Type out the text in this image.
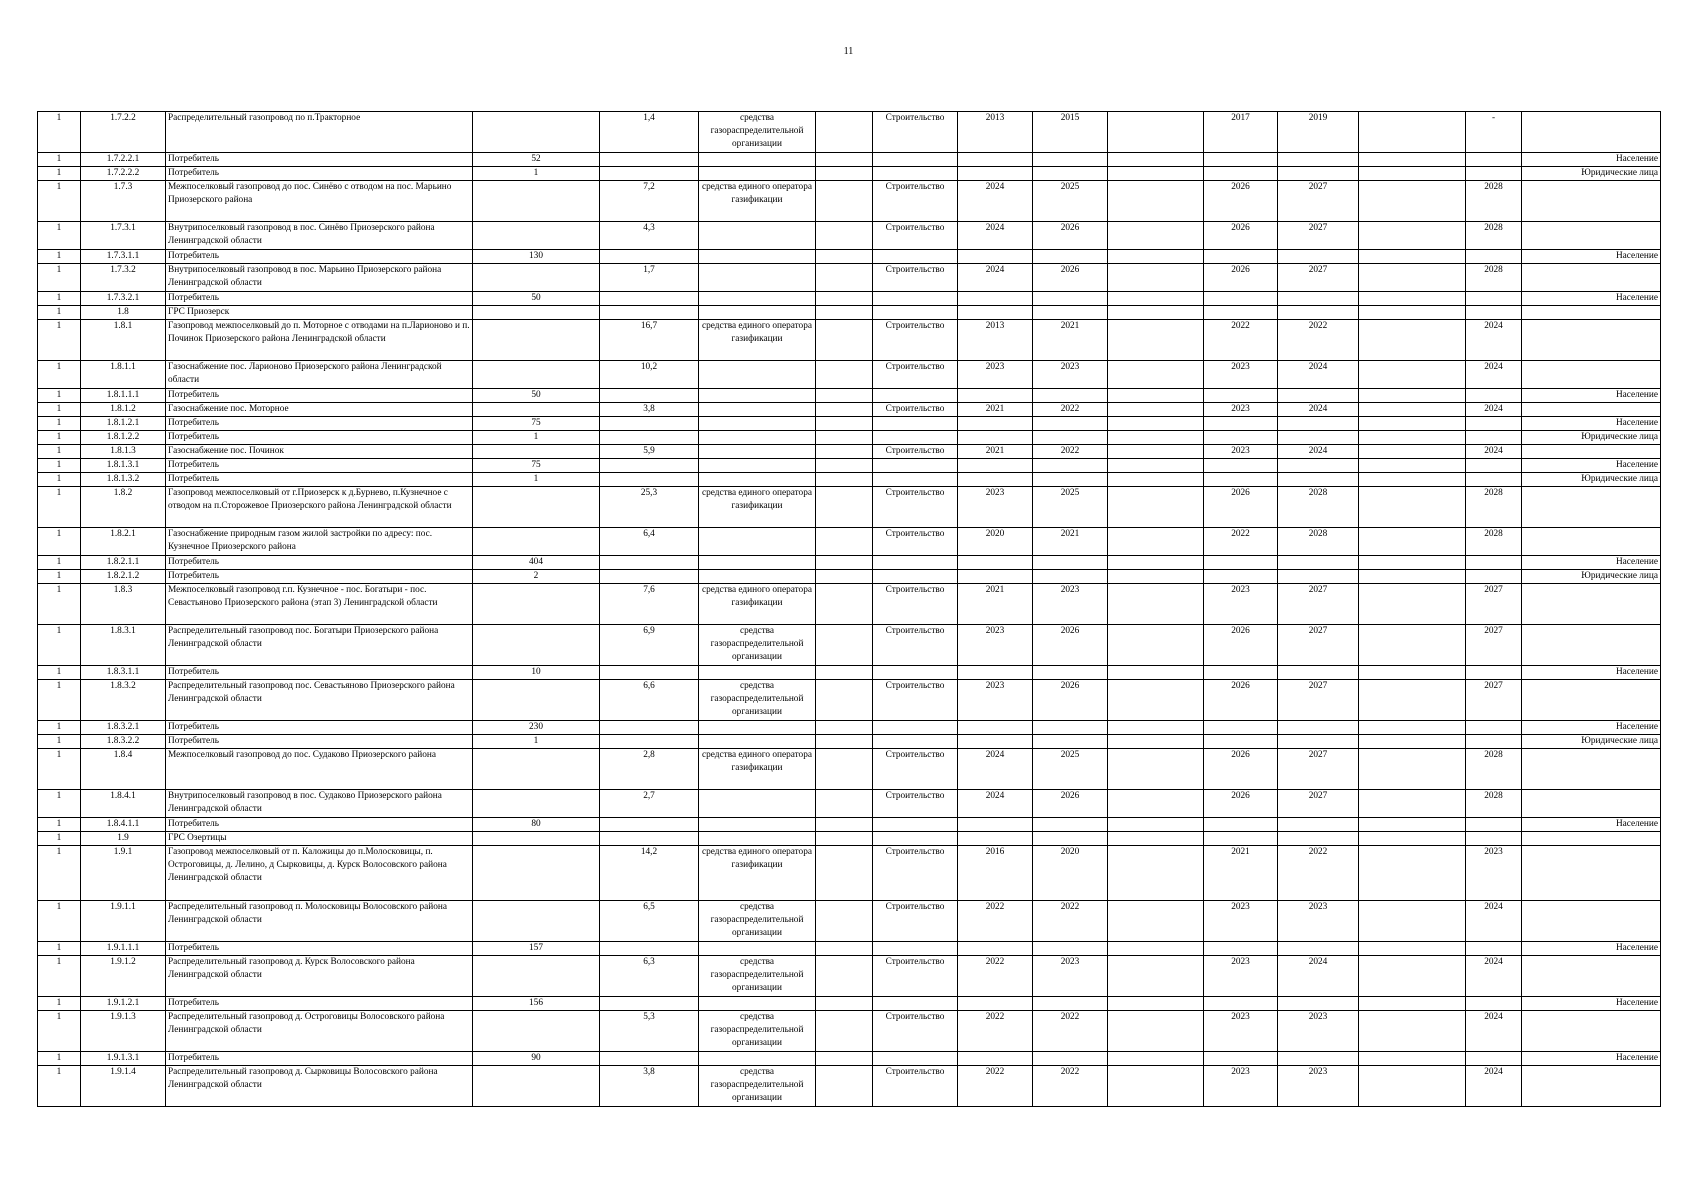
11
1	1.7.2.2	Распределительный газопровод по п.Тракторное		1,4	средства газораспределительной организации		Строительство	2013	2015		2017	2019		-	
1	1.7.2.2.1	Потребитель	52												Население
1	1.7.2.2.2	Потребитель	1												Юридические лица
1	1.7.3	Межпоселковый газопровод до пос. Синёво с отводом на пос. Марьино Приозерского района		7,2	средства единого оператора газификации		Строительство	2024	2025		2026	2027		2028	
1	1.7.3.1	Внутрипоселковый газопровод в пос. Синёво Приозерского района Ленинградской области		4,3			Строительство	2024	2026		2026	2027		2028	
1	1.7.3.1.1	Потребитель	130												Население
1	1.7.3.2	Внутрипоселковый газопровод в пос. Марьино Приозерского района Ленинградской области		1,7			Строительство	2024	2026		2026	2027		2028	
1	1.7.3.2.1	Потребитель	50												Население
1	1.8	ГРС Приозерск													
1	1.8.1	Газопровод межпоселковый до п. Моторное с отводами на п.Ларионово и п. Починок Приозерского района Ленинградской области		16,7	средства единого оператора газификации		Строительство	2013	2021		2022	2022		2024	
1	1.8.1.1	Газоснабжение пос. Ларионово Приозерского района Ленинградской области		10,2			Строительство	2023	2023		2023	2024		2024	
1	1.8.1.1.1	Потребитель	50												Население
1	1.8.1.2	Газоснабжение пос. Моторное		3,8			Строительство	2021	2022		2023	2024		2024	
1	1.8.1.2.1	Потребитель	75												Население
1	1.8.1.2.2	Потребитель	1												Юридические лица
1	1.8.1.3	Газоснабжение пос. Починок		5,9			Строительство	2021	2022		2023	2024		2024	
1	1.8.1.3.1	Потребитель	75												Население
1	1.8.1.3.2	Потребитель	1												Юридические лица
1	1.8.2	Газопровод межпоселковый от г.Приозерск к д.Бурнево, п.Кузнечное с отводом на п.Сторожевое Приозерского района Ленинградской области		25,3	средства единого оператора газификации		Строительство	2023	2025		2026	2028		2028	
1	1.8.2.1	Газоснабжение природным газом жилой застройки по адресу: пос. Кузнечное Приозерского района		6,4			Строительство	2020	2021		2022	2028		2028	
1	1.8.2.1.1	Потребитель	404												Население
1	1.8.2.1.2	Потребитель	2												Юридические лица
1	1.8.3	Межпоселковый газопровод г.п. Кузнечное - пос. Богатыри - пос. Севастьяново Приозерского района (этап 3) Ленинградской области		7,6	средства единого оператора газификации		Строительство	2021	2023		2023	2027		2027	
1	1.8.3.1	Распределительный газопровод пос. Богатыри Приозерского района Ленинградской области		6,9	средства газораспределительной организации		Строительство	2023	2026		2026	2027		2027	
1	1.8.3.1.1	Потребитель	10												Население
1	1.8.3.2	Распределительный газопровод пос. Севастьяново Приозерского района Ленинградской области		6,6	средства газораспределительной организации		Строительство	2023	2026		2026	2027		2027	
1	1.8.3.2.1	Потребитель	230												Население
1	1.8.3.2.2	Потребитель	1												Юридические лица
1	1.8.4	Межпоселковый газопровод до пос. Судаково Приозерского района		2,8	средства единого оператора газификации		Строительство	2024	2025		2026	2027		2028	
1	1.8.4.1	Внутрипоселковый газопровод в пос. Судаково Приозерского района Ленинградской области		2,7			Строительство	2024	2026		2026	2027		2028	
1	1.8.4.1.1	Потребитель	80												Население
1	1.9	ГРС Озертицы													
1	1.9.1	Газопровод межпоселковый от п. Каложицы до п.Молосковицы, п. Остроговицы, д. Лелино, д Сырковицы, д. Курск Волосовского района Ленинградской области		14,2	средства единого оператора газификации		Строительство	2016	2020		2021	2022		2023	
1	1.9.1.1	Распределительный газопровод п. Молосковицы Волосовского района Ленинградской области		6,5	средства газораспределительной организации		Строительство	2022	2022		2023	2023		2024	
1	1.9.1.1.1	Потребитель	157												Население
1	1.9.1.2	Распределительный газопровод д. Курск Волосовского района Ленинградской области		6,3	средства газораспределительной организации		Строительство	2022	2023		2023	2024		2024	
1	1.9.1.2.1	Потребитель	156												Население
1	1.9.1.3	Распределительный газопровод д. Остроговицы Волосовского района Ленинградской области		5,3	средства газораспределительной организации		Строительство	2022	2022		2023	2023		2024	
1	1.9.1.3.1	Потребитель	90												Население
1	1.9.1.4	Распределительный газопровод д. Сырковицы Волосовского района Ленинградской области		3,8	средства газораспределительной организации		Строительство	2022	2022		2023	2023		2024	
